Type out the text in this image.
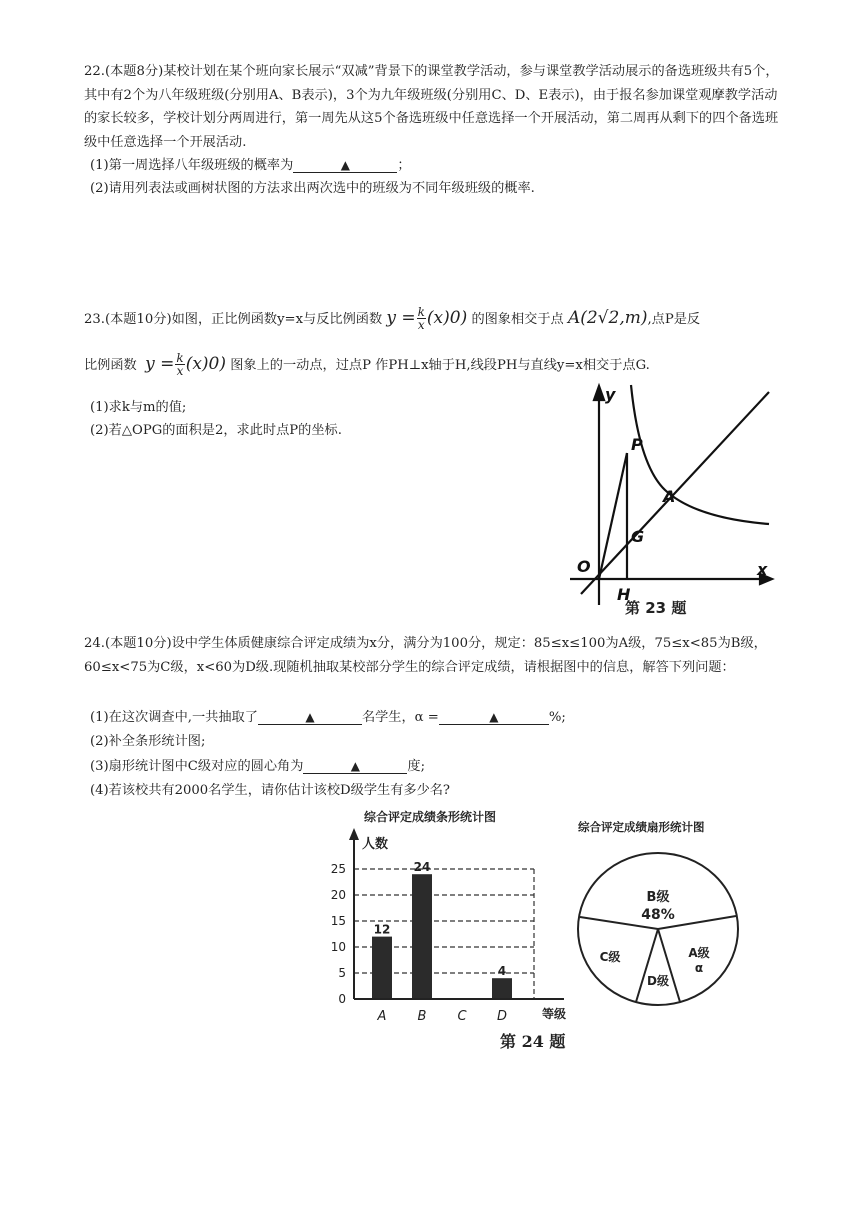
22.(本题8分)某校计划在某个班向家长展示“双减”背景下的课堂教学活动，参与课堂教学活动展示的备选班级共有5个，其中有2个为八年级班级(分别用A、B表示)，3个为九年级班级(分别用C、D、E表示)，由于报名参加课堂观摩教学活动的家长较多，学校计划分两周进行，第一周先从这5个备选班级中任意选择一个开展活动，第二周再从剩下的四个备选班级中任意选择一个开展活动.

(1)第一周选择八年级班级的概率为	▲	；

(2)请用列表法或画树状图的方法求出两次选中的班级为不同年级班级的概率.

23.(本题10分)如图，正比例函数y=x与反比例函数 $y = \frac{k}{x} (x)0$) 的图象相交于点 A(2√2,m),点P是反

比例函数 $y = \frac{k}{x} (x)0$) 图象上的一动点，过点P 作PH⊥x轴于H,线段PH与直线y=x相交于点G.

(1)求k与m的值;

(2)若△OPG的面积是2，求此时点P的坐标.

y
x
O
P
A
G
H
第 23 题

24.(本题10分)设中学生体质健康综合评定成绩为x分，满分为100分，规定：85≤x≤100为A级，75≤x<85为B级，60≤x<75为C级，x<60为D级.现随机抽取某校部分学生的综合评定成绩，请根据图中的信息，解答下列问题：

(1)在这次调查中,一共抽取了	▲	名学生，α =	▲	%;

(2)补全条形统计图;

(3)扇形统计图中C级对应的圆心角为	▲	度;

(4)若该校共有2000名学生，请你估计该校D级学生有多少名?

综合评定成绩条形统计图
0
5
10
15
20
25
12
A
24
B C
4
D
人数
等级
综合评定成绩扇形统计图
B级
48%
A级
α
D级
C级

第 24 题
